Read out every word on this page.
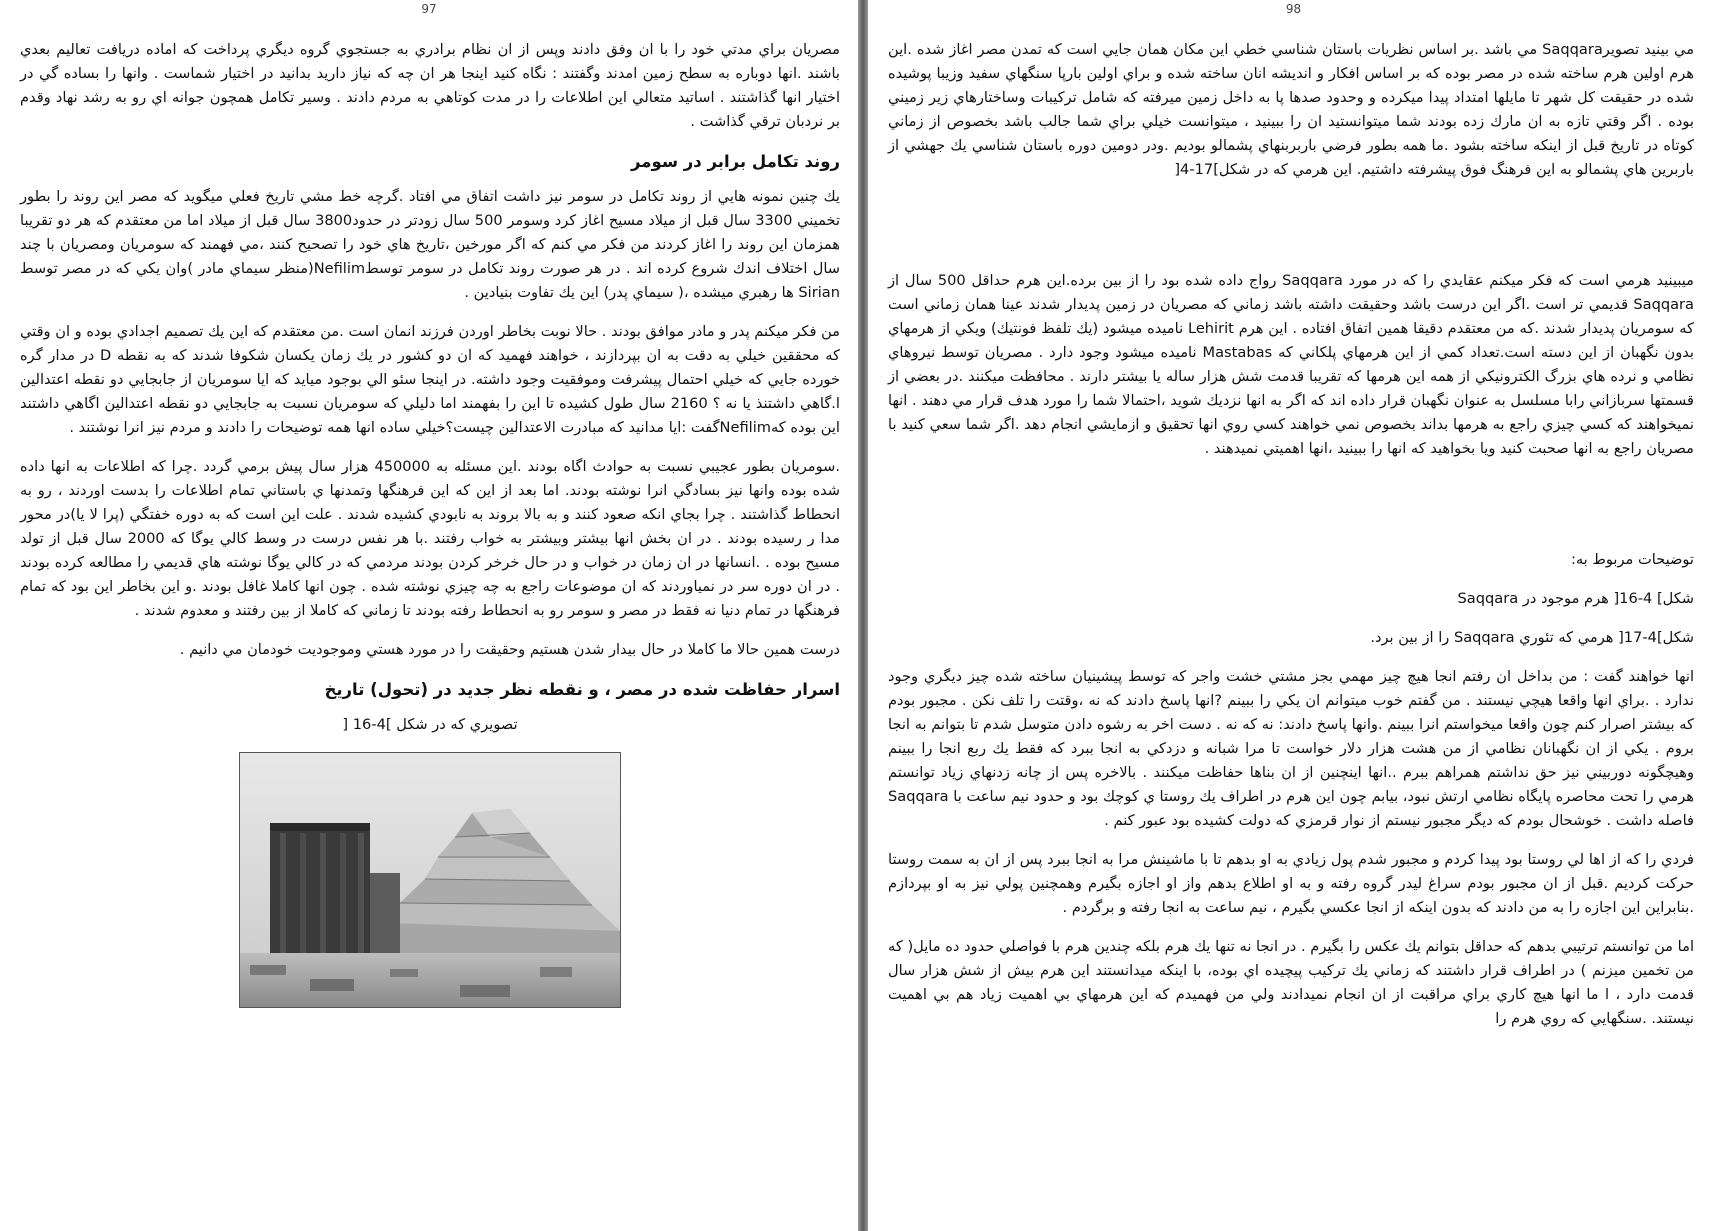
97

مصريان براي مدتي خود را با ان وفق دادند وپس از ان نظام برادري به جستجوي گروه ديگري پرداخت كه اماده دريافت تعاليم بعدي باشند .انها دوباره به سطح زمين امدند وگفتند : نگاه كنيد اينجا هر ان چه كه نياز داريد بدانيد در اختيار شماست . وانها را بساده گي در اختيار انها گذاشتند . اساتيد متعالي اين اطلاعات را در مدت كوتاهي به مردم دادند . وسير تكامل همچون جوانه اي رو به رشد نهاد وقدم بر نردبان ترقي گذاشت .

روند تكامل برابر در سومر

يك چنين نمونه هايي از روند تكامل در سومر نيز داشت اتفاق مي افتاد .گرچه خط مشي تاريخ فعلي ميگويد كه مصر اين روند را بطور تخميني 3300 سال قبل از ميلاد مسيح اغاز كرد وسومر 500 سال زودتر در حدود3800 سال قبل از ميلاد اما من معتقدم كه هر دو تقريبا همزمان اين روند را اغاز كردند من فكر مي كنم كه اگر مورخين ،تاريخ هاي خود را تصحيح كنند ،مي فهمند كه سومريان ومصريان با چند سال اختلاف اندك شروع كرده اند . در هر صورت روند تكامل در سومر توسطNefilim(منظر سيماي مادر )وان يكي كه در مصر توسط Sirian ها رهبري ميشده ،( سيماي پدر) اين يك تفاوت بنيادين .

من فكر ميكنم پدر و مادر موافق بودند . حالا نوبت بخاطر اوردن فرزند انمان است .من معتقدم كه اين يك تصميم اجدادي بوده و ان وقتي كه محققين خيلي به دقت به ان بپردازند ، خواهند فهميد كه ان دو كشور در يك زمان يكسان شكوفا شدند كه به نقطه D در مدار گره خورده جايي كه خيلي احتمال پيشرفت وموفقيت وجود داشته. در اينجا سئو الي بوجود ميايد كه ايا سومريان از جابجايي دو نقطه اعتدالين ا.گاهي داشتنذ يا نه ؟ 2160 سال طول كشيده تا اين را بفهمند اما دليلي كه سومريان نسبت به جابجايي دو نقطه اعتدالين اگاهي داشتند اين بوده كهNefilimگفت :ايا مدانيد كه مبادرت الاعتدالين چيست؟خيلي ساده انها همه توضيحات را دادند و مردم نيز انرا نوشتند .

.سومريان بطور عجيبي نسبت به حوادث اگاه بودند .اين مسئله به 450000 هزار سال پيش برمي گردد .چرا كه اطلاعات به انها داده شده بوده وانها نيز بسادگي انرا نوشته بودند. اما بعد از اين كه اين فرهنگها وتمدنها ي باستاني تمام اطلاعات را بدست اوردند ، رو به انحطاط گذاشتند . چرا بجاي انكه صعود كنند و به بالا بروند به نابودي كشيده شدند . علت اين است كه به دوره خفتگي (پرا لا يا)در محور مدا ر رسيده بودند . در ان بخش انها بيشتر وبيشتر به خواب رفتند .با هر نفس درست در وسط كالي يوگا كه 2000 سال قبل از تولد مسيح بوده . .انسانها در ان زمان در خواب و در حال خرخر كردن بودند مردمي كه در كالي يوگا نوشته هاي قديمي را مطالعه كرده بودند . در ان دوره سر در نمياوردند كه ان موضوعات راجع به چه چيزي نوشته شده . چون انها كاملا غافل بودند .و اين بخاطر اين بود كه تمام فرهنگها در تمام دنيا نه فقط در مصر و سومر رو به انحطاط رفته بودند تا زماني كه كاملا از بين رفتند و معدوم شدند .

درست همين حالا ما كاملا در حال بيدار شدن هستيم وحقيقت را در مورد هستي وموجوديت خودمان مي دانيم .

اسرار حفاظت شده در مصر ، و نقطه نظر جديد در (تحول) تاريخ

تصويري كه در شكل ]4-16 [

98

مي بينيد تصويرSaqqara مي باشد .بر اساس نظريات باستان شناسي خطي اين مكان همان جايي است كه تمدن مصر اغاز شده .اين هرم اولين هرم ساخته شده در مصر بوده كه بر اساس افكار و انديشه انان ساخته شده و براي اولين بارپا سنگهاي سفيد وزيبا پوشيده شده در حقيقت كل شهر تا مايلها امتداد پيدا ميكرده و وحدود صدها پا به داخل زمين ميرفته كه شامل تركيبات وساختارهاي زير زميني بوده . اگر وقتي تازه به ان مارك زده بودند شما ميتوانستيد ان را ببينيد ، ميتوانست خيلي براي شما جالب باشد بخصوص از زماني كوتاه در تاريخ قبل از اينكه ساخته بشود .ما همه بطور فرضي باربربنهاي پشمالو بوديم .ودر دومين دوره باستان شناسي يك جهشي از باربرين هاي پشمالو به اين فرهنگ فوق پيشرفته داشتيم. اين هرمي كه در شكل]17-4[

ميبينيد هرمي است كه فكر ميكنم عقايدي را كه در مورد Saqqara رواج داده شده بود را از بين برده.اين هرم حداقل 500 سال از Saqqara قديمي تر است .اگر اين درست باشد وحقيقت داشته باشد زماني كه مصريان در زمين پديدار شدند عينا همان زماني است كه سومريان پديدار شدند .كه من معتقدم دقيقا همين اتفاق افتاده . اين هرم Lehirit ناميده ميشود (يك تلفظ فونتيك) ويكي از هرمهاي بدون نگهبان از اين دسته است.تعداد كمي از اين هرمهاي پلكاني كه Mastabas ناميده ميشود وجود دارد . مصريان توسط نيروهاي نظامي و نرده هاي بزرگ الكترونيكي از همه اين هرمها كه تقريبا قدمت شش هزار ساله يا بيشتر دارند . محافظت ميكنند .در بعضي از قسمتها سربازاني رابا مسلسل به عنوان نگهبان قرار داده اند كه اگر به انها نزديك شويد ،احتمالا شما را مورد هدف قرار مي دهند . انها نميخواهند كه كسي چيزي راجع به هرمها بداند بخصوص نمي خواهند كسي روي انها تحقيق و ازمايشي انجام دهد .اگر شما سعي كنيد با مصريان راجع به انها صحبت كنيد ويا بخواهيد كه انها را ببينيد ،انها اهميتي نميدهند .

توضيحات مربوط به:

شكل] 4-16[ هرم موجود در Saqqara

شكل]4-17[ هرمي كه تئوري Saqqara را از بين برد.

انها خواهند گفت : من بداخل ان رفتم انجا هيچ چيز مهمي بجز مشتي خشت واجر كه توسط پيشينيان ساخته شده چيز ديگري وجود ندارد . .براي انها واقعا هيچي نيستند . من گفتم خوب ميتوانم ان يكي را ببينم ?انها پاسخ دادند كه نه ،وقتت را تلف نكن . مجبور بودم كه بيشتر اصرار كنم چون واقعا ميخواستم انرا ببينم .وانها پاسخ دادند: نه كه نه . دست اخر به رشوه دادن متوسل شدم تا بتوانم به انجا بروم . يكي از ان نگهبانان نظامي از من هشت هزار دلار خواست تا مرا شبانه و دزدكي به انجا ببرد كه فقط يك ربع انجا را ببينم وهيچگونه دوربيني نيز حق نداشتم همراهم ببرم ..انها اينچنين از ان بناها حفاظت ميكنند . بالاخره پس از چانه زدنهاي زياد توانستم هرمي را تحت محاصره پايگاه نظامي ارتش نبود، بيابم چون اين هرم در اطراف يك روستا ي كوچك بود و حدود نيم ساعت با Saqqara فاصله داشت . خوشحال بودم كه ديگر مجبور نيستم از نوار قرمزي كه دولت كشيده بود عبور كنم .

فردي را كه از اها لي روستا بود پيدا كردم و مجبور شدم پول زيادي به او بدهم تا با ماشينش مرا به انجا ببرد پس از ان به سمت روستا حركت كرديم .قبل از ان مجبور بودم سراغ ليدر گروه رفته و به او اطلاع بدهم واز او اجازه بگيرم وهمچنين پولي نيز به او بپردازم .بنابراين اين اجازه را به من دادند كه بدون اينكه از انجا عكسي بگيرم ، نيم ساعت به انجا رفته و برگردم .

اما من توانستم ترتيبي بدهم كه حداقل بتوانم يك عكس را بگيرم . در انجا نه تنها يك هرم بلكه چندين هرم با فواصلي حدود ده مايل( كه من تخمين ميزنم ) در اطراف قرار داشتند كه زماني يك تركيب پيچيده اي بوده، با اينكه ميدانستند اين هرم بيش از شش هزار سال قدمت دارد ، ا ما انها هيچ كاري براي مراقبت از ان انجام نميدادند ولي من فهميدم كه اين هرمهاي بي اهميت زياد هم بي اهميت نيستند. .سنگهايي كه روي هرم را
